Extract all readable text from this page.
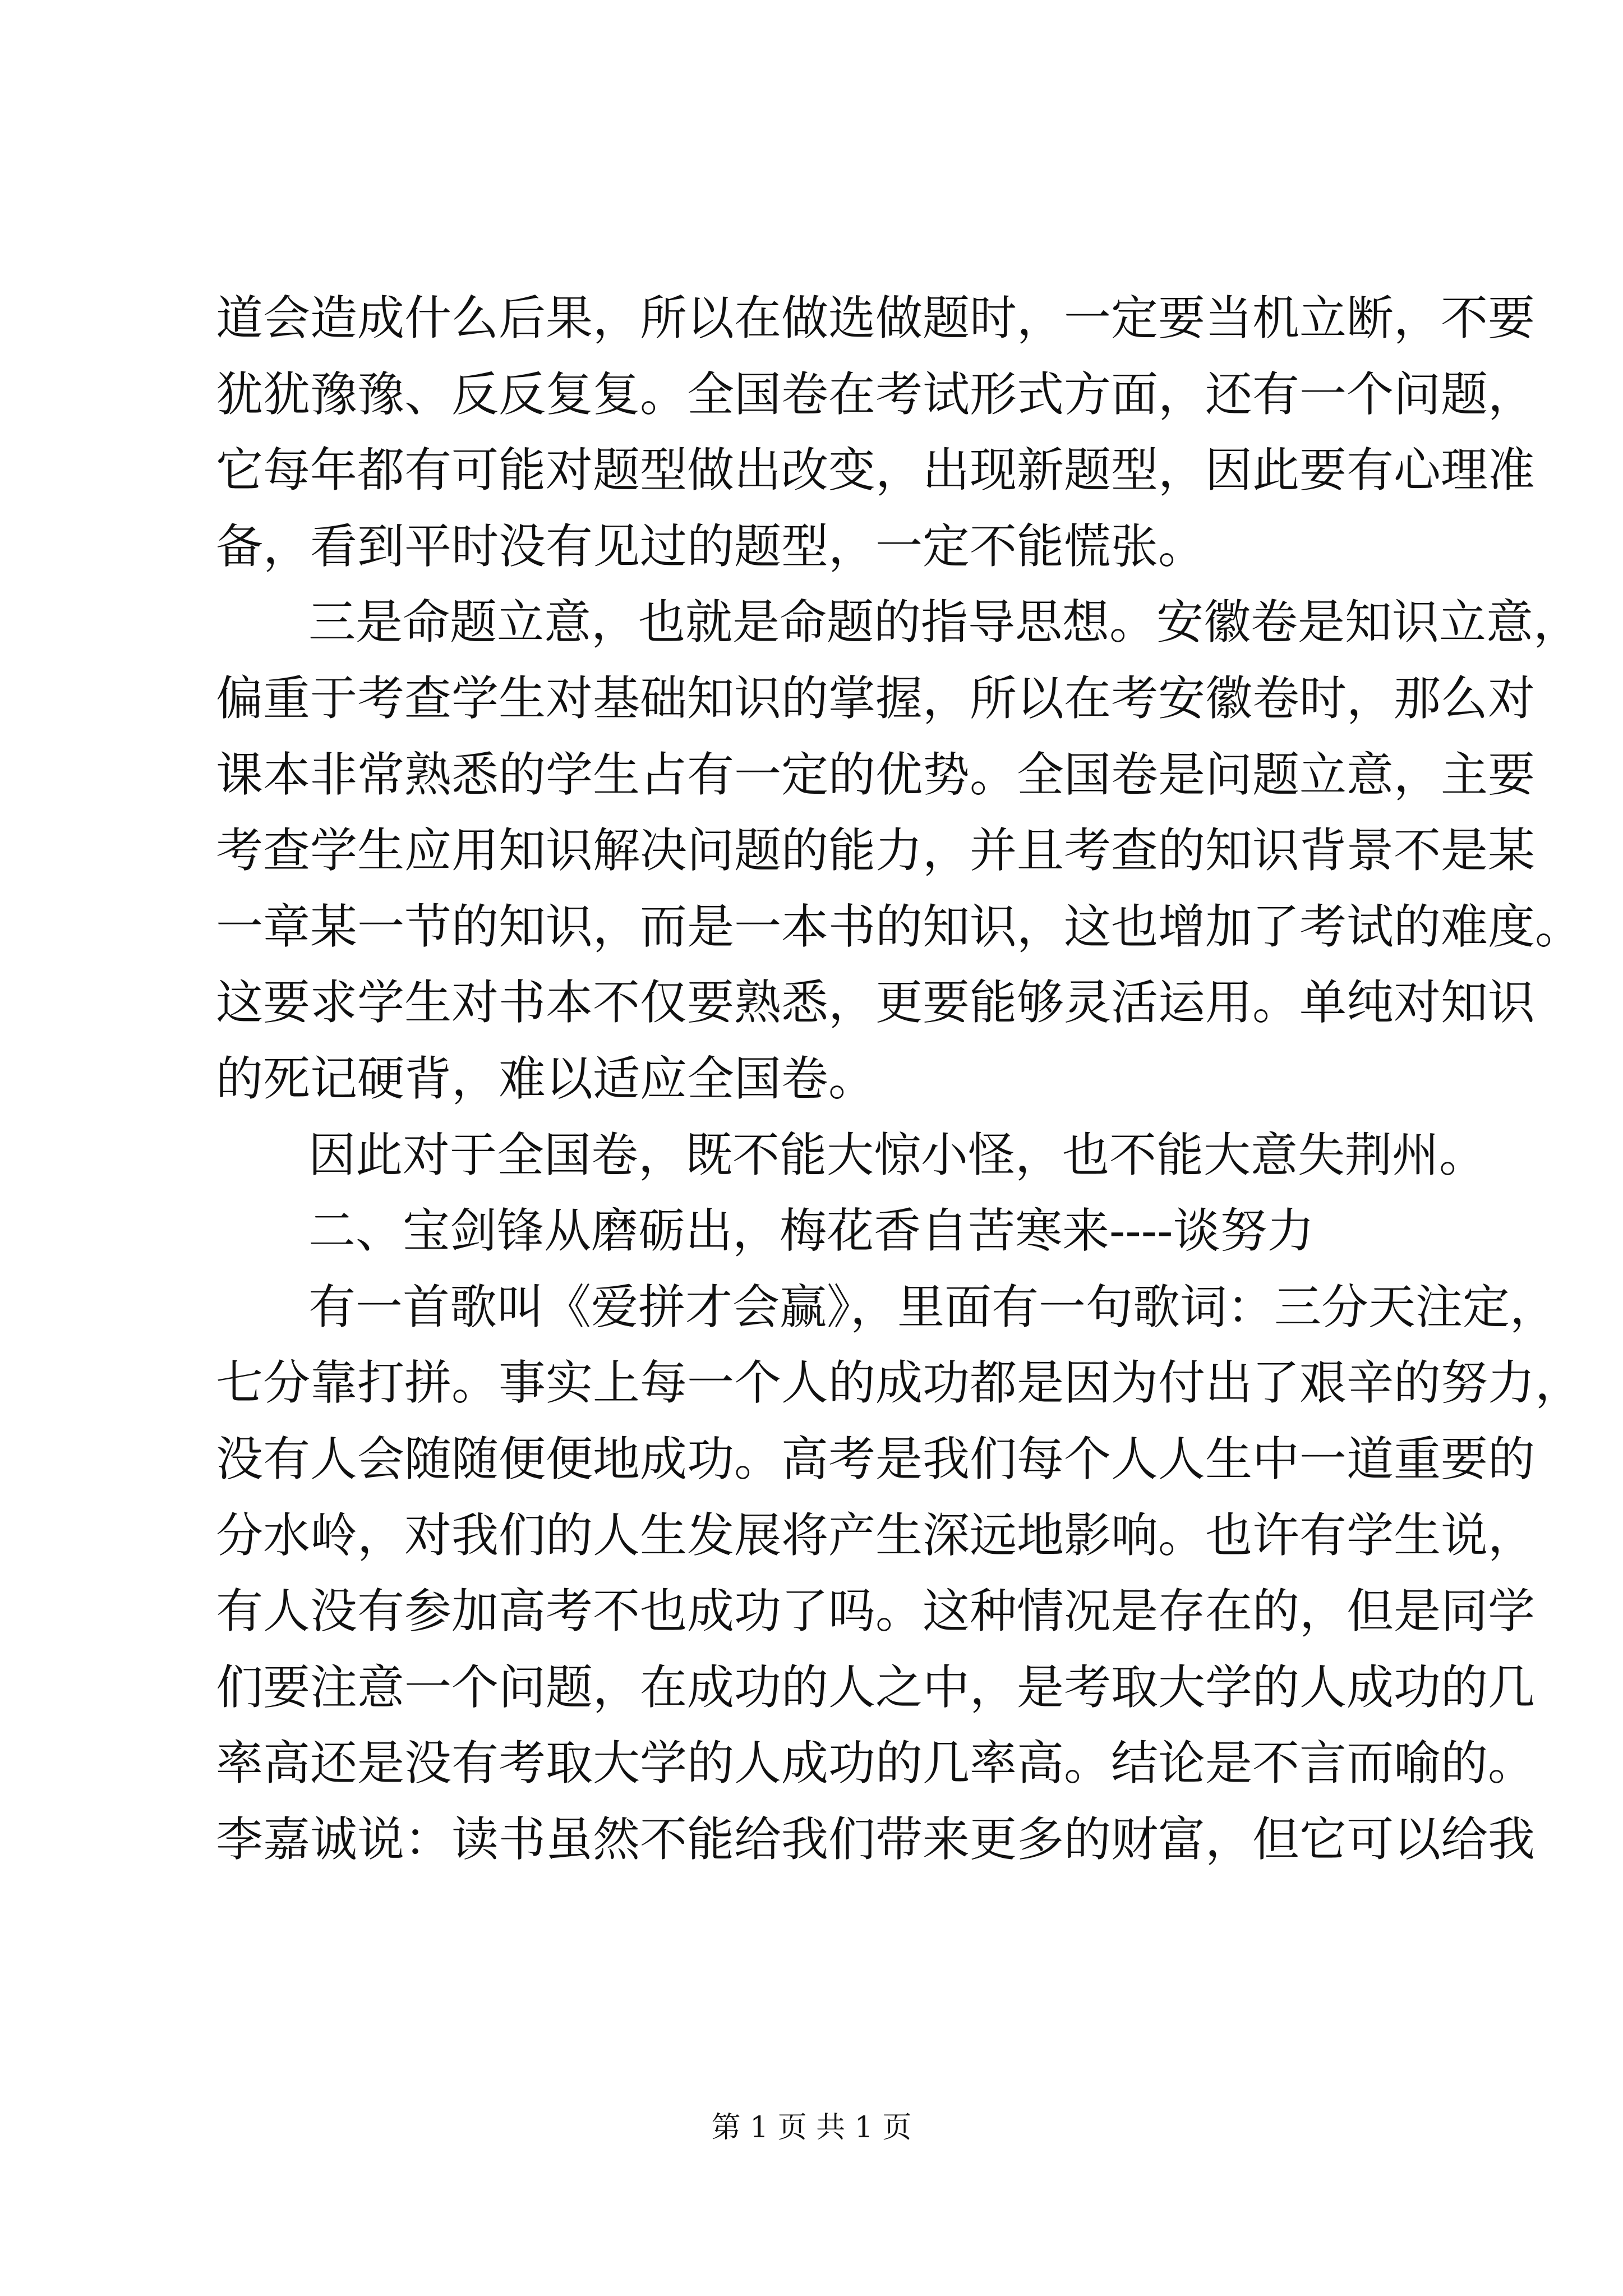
道会造成什么后果，所以在做选做题时，一定要当机立断，不要
犹犹豫豫、反反复复。全国卷在考试形式方面，还有一个问题，
它每年都有可能对题型做出改变，出现新题型，因此要有心理准
备，看到平时没有见过的题型，一定不能慌张。
三是命题立意，也就是命题的指导思想。安徽卷是知识立意，
偏重于考查学生对基础知识的掌握，所以在考安徽卷时，那么对
课本非常熟悉的学生占有一定的优势。全国卷是问题立意，主要
考查学生应用知识解决问题的能力，并且考查的知识背景不是某
一章某一节的知识，而是一本书的知识，这也增加了考试的难度。
这要求学生对书本不仅要熟悉，更要能够灵活运用。单纯对知识
的死记硬背，难以适应全国卷。
因此对于全国卷，既不能大惊小怪，也不能大意失荆州。
二、宝剑锋从磨砺出，梅花香自苦寒来----谈努力
有一首歌叫《爱拼才会赢》，里面有一句歌词：三分天注定，
七分靠打拼。事实上每一个人的成功都是因为付出了艰辛的努力，
没有人会随随便便地成功。高考是我们每个人人生中一道重要的
分水岭，对我们的人生发展将产生深远地影响。也许有学生说，
有人没有参加高考不也成功了吗。这种情况是存在的，但是同学
们要注意一个问题，在成功的人之中，是考取大学的人成功的几
率高还是没有考取大学的人成功的几率高。结论是不言而喻的。
李嘉诚说：读书虽然不能给我们带来更多的财富，但它可以给我
第 1 页 共 1 页
